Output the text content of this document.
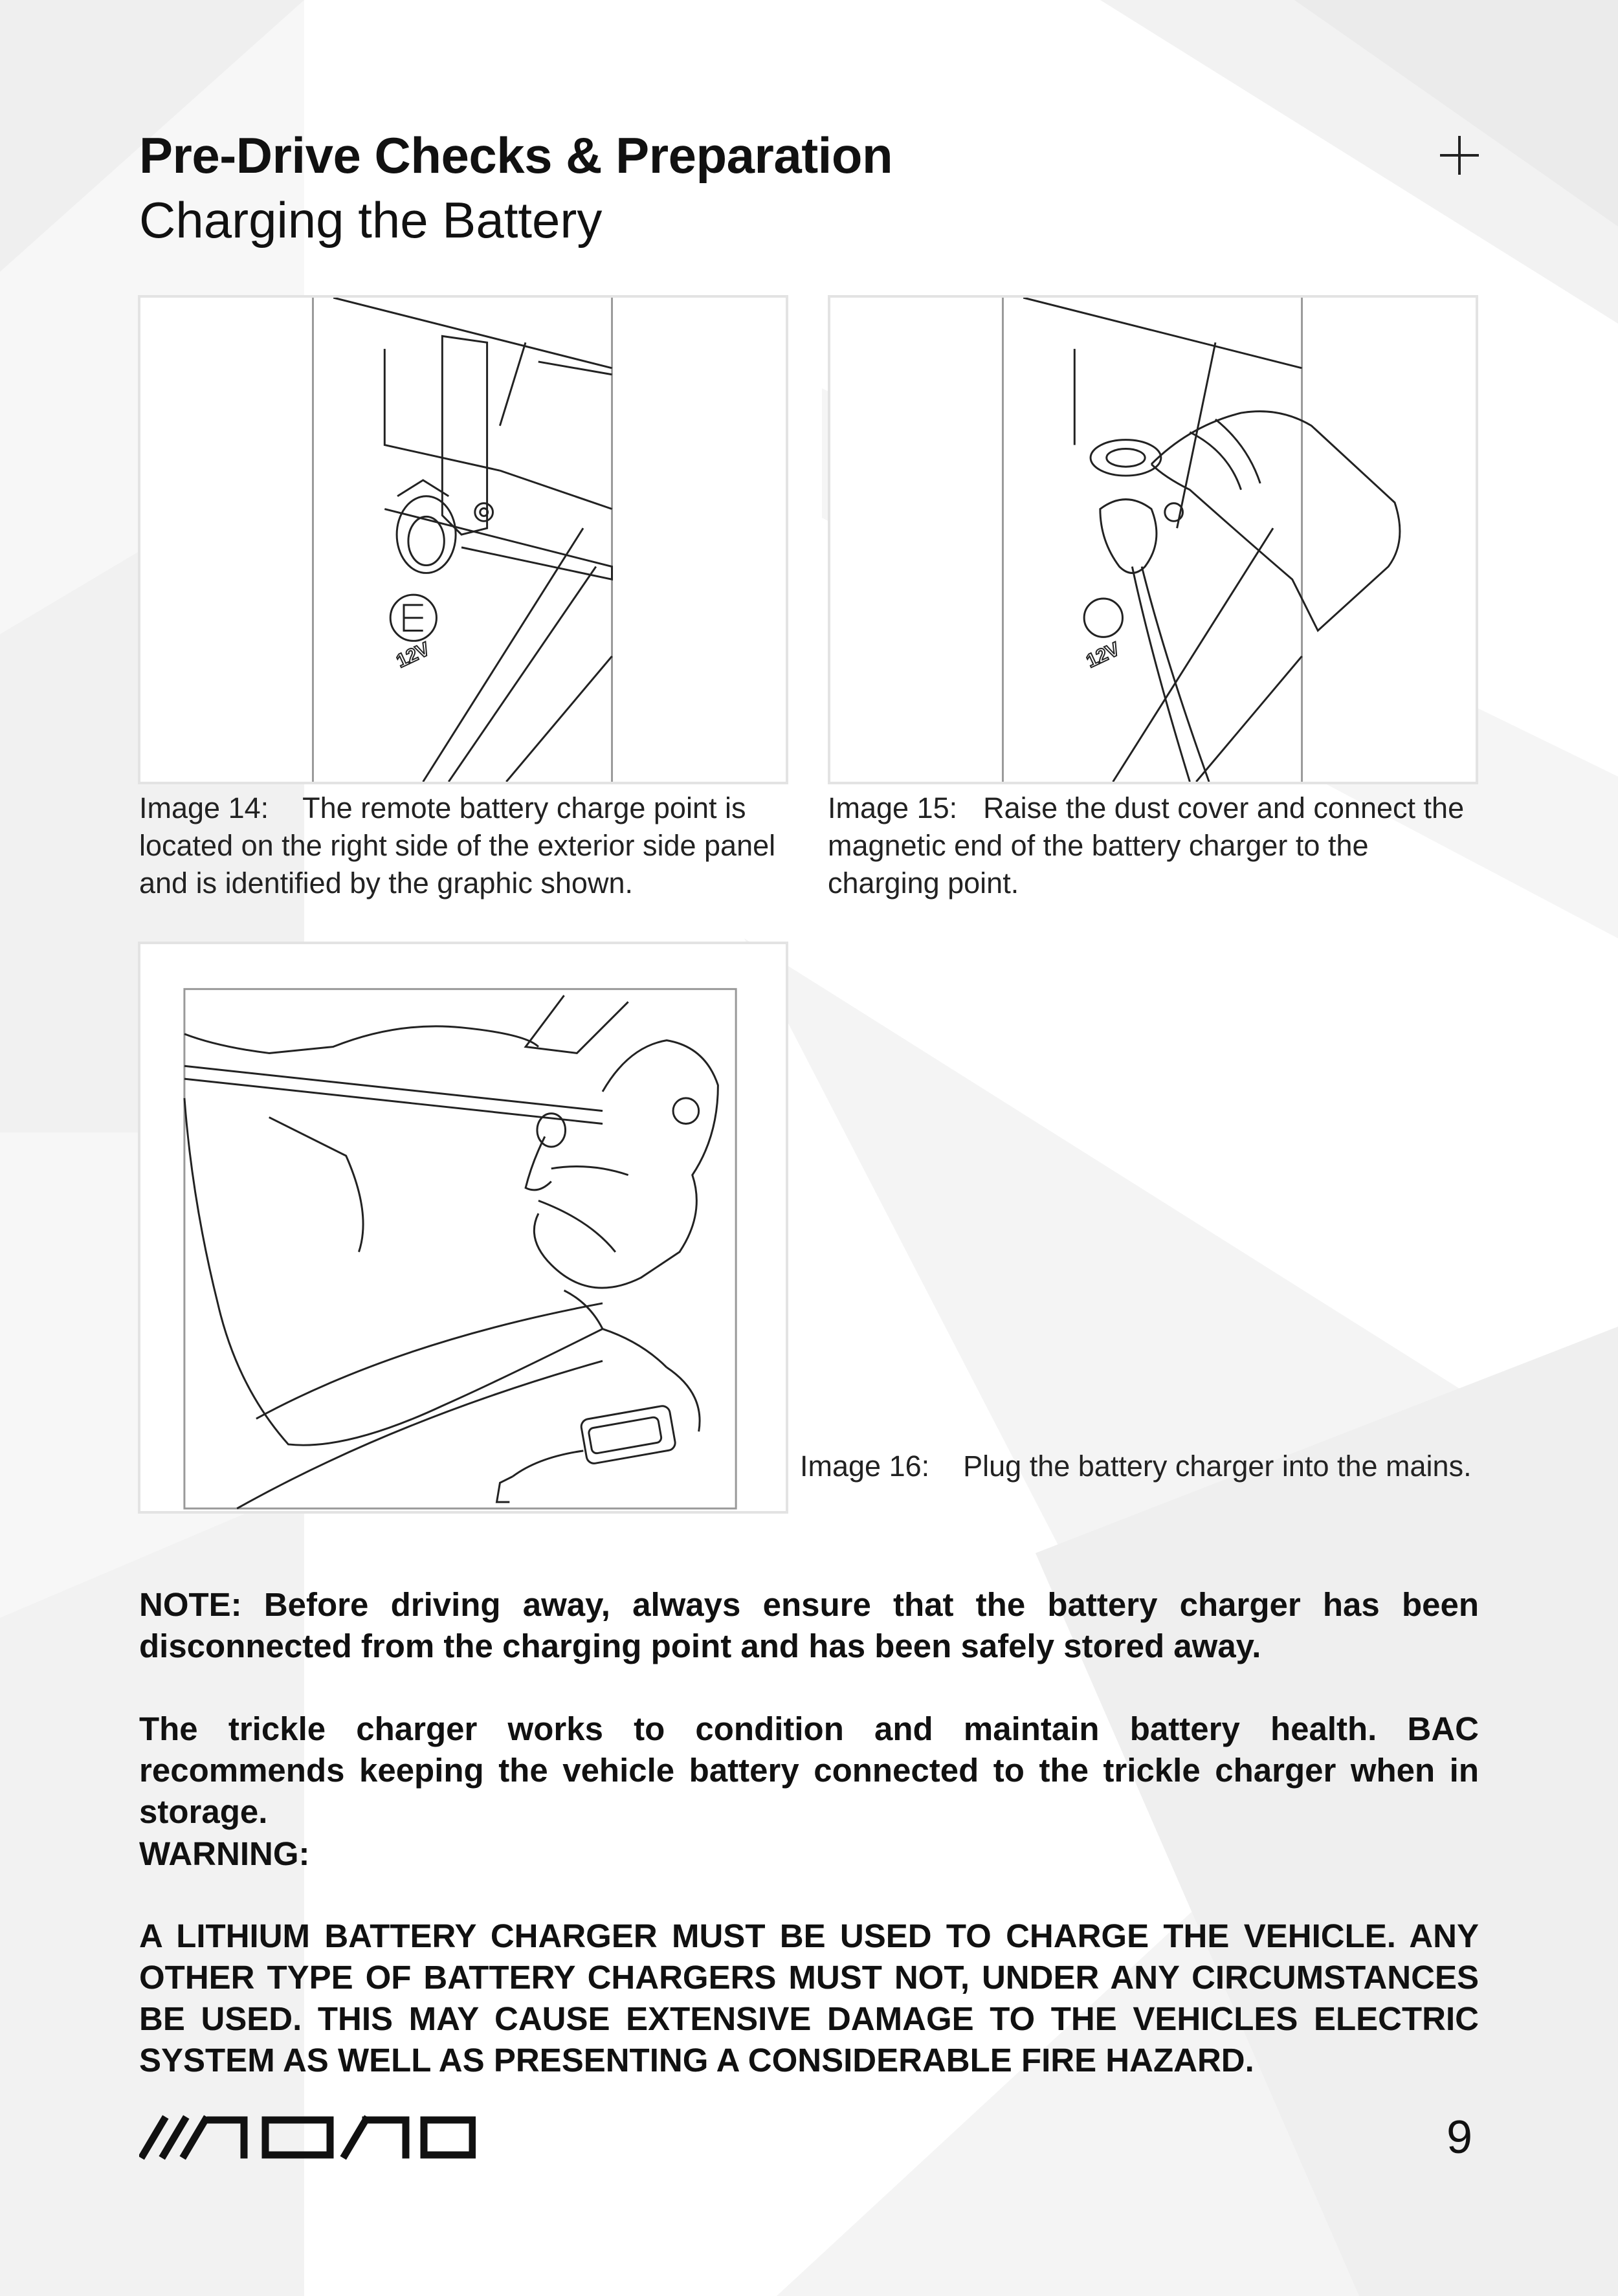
Pre-Drive Checks & Preparation
Charging the Battery
12V	12V
Image 14: The remote battery charge point is located on the right side of the exterior side panel and is identified by the graphic shown.
Image 15: Raise the dust cover and connect the magnetic end of the battery charger to the charging point.
Image 16: Plug the battery charger into the mains.
NOTE: Before driving away, always ensure that the battery charger has been disconnected from the charging point and has been safely stored away.
The trickle charger works to condition and maintain battery health. BAC recommends keeping the vehicle battery connected to the trickle charger when in storage.
WARNING:
A LITHIUM BATTERY CHARGER MUST BE USED TO CHARGE THE VEHICLE. ANY OTHER TYPE OF BATTERY CHARGERS MUST NOT, UNDER ANY CIRCUMSTANCES BE USED. THIS MAY CAUSE EXTENSIVE DAMAGE TO THE VEHICLES ELECTRIC SYSTEM AS WELL AS PRESENTING A CONSIDERABLE FIRE HAZARD.
9
